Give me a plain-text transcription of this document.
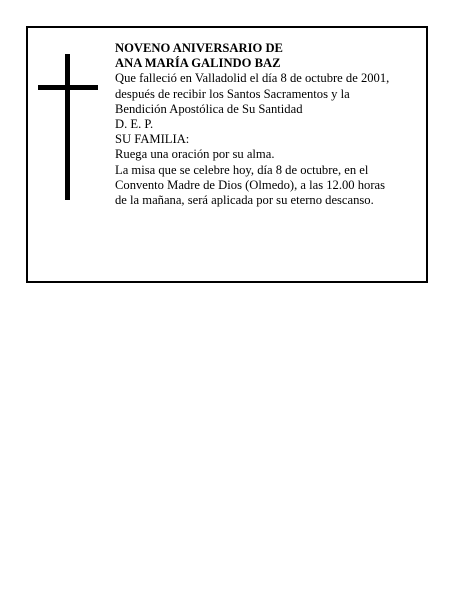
NOVENO ANIVERSARIO DE
ANA MARÍA GALINDO BAZ
Que falleció en Valladolid el día 8 de octubre de 2001,
después de recibir los Santos Sacramentos y la
Bendición Apostólica de Su Santidad
D. E. P.
SU FAMILIA:
Ruega una oración por su alma.
La misa que se celebre hoy, día 8 de octubre, en el
Convento Madre de Dios (Olmedo), a las 12.00 horas
de la mañana, será aplicada por su eterno descanso.
